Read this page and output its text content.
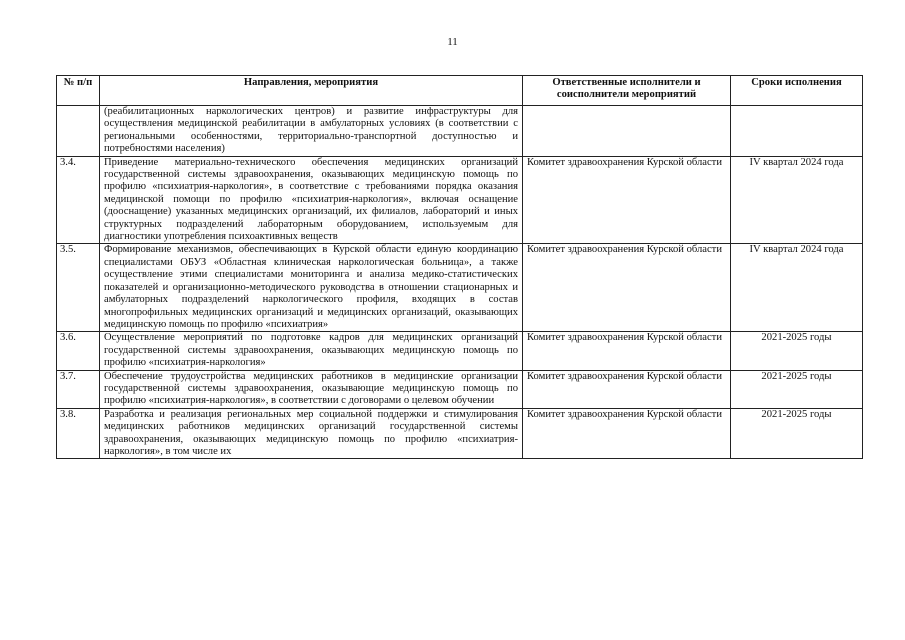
11
№ п/п	Направления, мероприятия	Ответственные исполнители и соисполнители мероприятий	Сроки исполнения
	(реабилитационных наркологических центров) и развитие инфраструктуры для осуществления медицинской реабилитации в амбулаторных условиях (в соответствии с региональными особенностями, территориально-транспортной доступностью и потребностями населения)		
3.4.	Приведение материально-технического обеспечения медицинских организаций государственной системы здравоохранения, оказывающих медицинскую помощь по профилю «психиатрия-наркология», в соответствие с требованиями порядка оказания медицинской помощи по профилю «психиатрия-наркология», включая оснащение (дооснащение) указанных медицинских организаций, их филиалов, лабораторий и иных структурных подразделений лабораторным оборудованием, используемым для диагностики употребления психоактивных веществ	Комитет здравоохранения Курской области	IV квартал 2024 года
3.5.	Формирование механизмов, обеспечивающих в Курской области единую координацию специалистами ОБУЗ «Областная клиническая наркологическая больница», а также осуществление этими специалистами мониторинга и анализа медико-статистических показателей и организационно-методического руководства в отношении стационарных и амбулаторных подразделений наркологического профиля, входящих в состав многопрофильных медицинских организаций и медицинских организаций, оказывающих медицинскую помощь по профилю «психиатрия»	Комитет здравоохранения Курской области	IV квартал 2024 года
3.6.	Осуществление мероприятий по подготовке кадров для медицинских организаций государственной системы здравоохранения, оказывающих медицинскую помощь по профилю «психиатрия-наркология»	Комитет здравоохранения Курской области	2021-2025 годы
3.7.	Обеспечение трудоустройства медицинских работников в медицинские организации государственной системы здравоохранения, оказывающие медицинскую помощь по профилю «психиатрия-наркология», в соответствии с договорами о целевом обучении	Комитет здравоохранения Курской области	2021-2025 годы
3.8.	Разработка и реализация региональных мер социальной поддержки и стимулирования медицинских работников медицинских организаций государственной системы здравоохранения, оказывающих медицинскую помощь по профилю «психиатрия-наркология», в том числе их	Комитет здравоохранения Курской области	2021-2025 годы
